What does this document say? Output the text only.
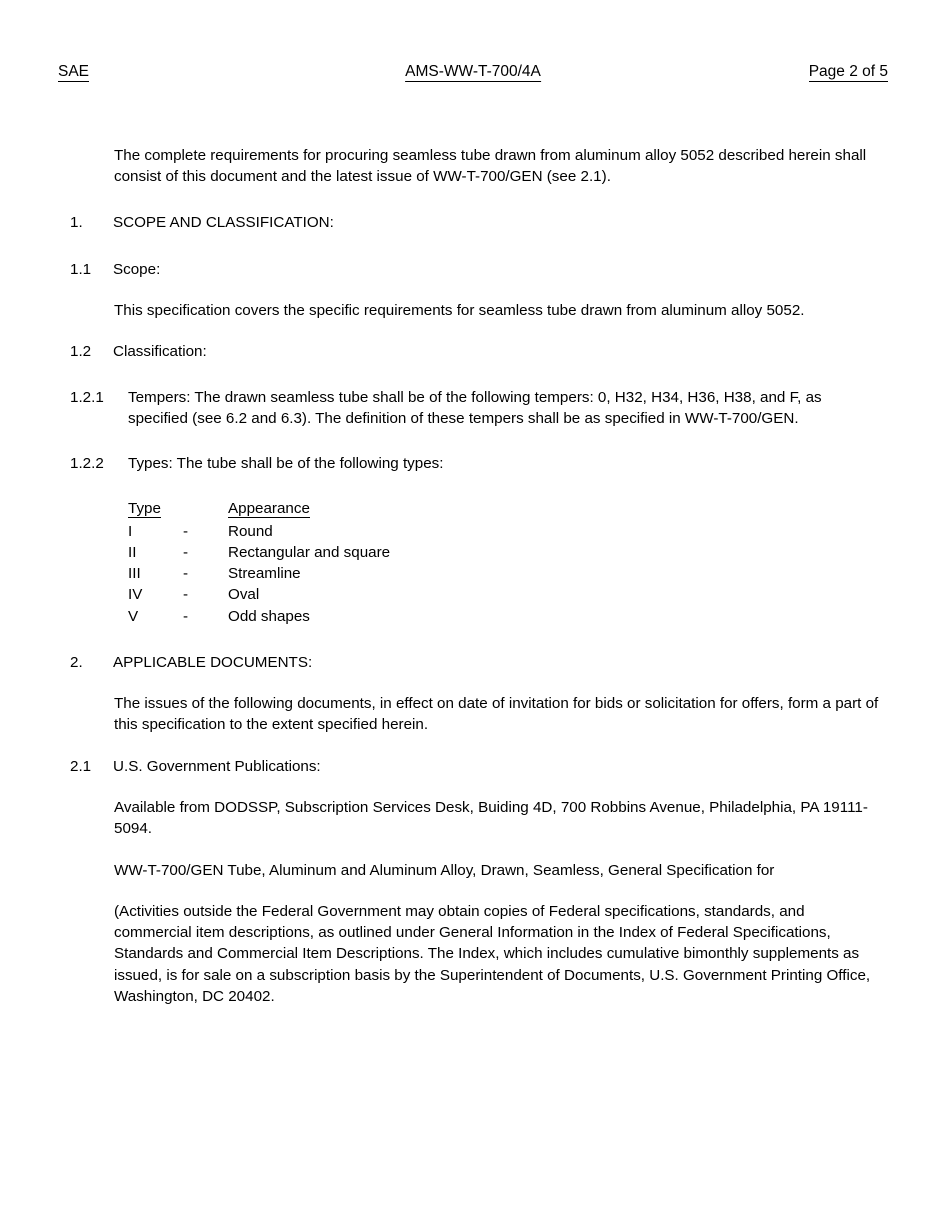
SAE	AMS-WW-T-700/4A	Page 2 of 5
The complete requirements for procuring seamless tube drawn from aluminum alloy 5052 described herein shall consist of this document and the latest issue of WW-T-700/GEN (see 2.1).
1.	SCOPE AND CLASSIFICATION:
1.1	Scope:
This specification covers the specific requirements for seamless tube drawn from aluminum alloy 5052.
1.2	Classification:
1.2.1	Tempers: The drawn seamless tube shall be of the following tempers: 0, H32, H34, H36, H38, and F, as specified (see 6.2 and 6.3). The definition of these tempers shall be as specified in WW-T-700/GEN.
1.2.2	Types: The tube shall be of the following types:
Type		Appearance
I	-	Round
II	-	Rectangular and square
III	-	Streamline
IV	-	Oval
V	-	Odd shapes
2.	APPLICABLE DOCUMENTS:
The issues of the following documents, in effect on date of invitation for bids or solicitation for offers, form a part of this specification to the extent specified herein.
2.1	U.S. Government Publications:
Available from DODSSP, Subscription Services Desk, Buiding 4D, 700 Robbins Avenue, Philadelphia, PA 19111-5094.
WW-T-700/GEN Tube, Aluminum and Aluminum Alloy, Drawn, Seamless, General Specification for
(Activities outside the Federal Government may obtain copies of Federal specifications, standards, and commercial item descriptions, as outlined under General Information in the Index of Federal Specifications, Standards and Commercial Item Descriptions. The Index, which includes cumulative bimonthly supplements as issued, is for sale on a subscription basis by the Superintendent of Documents, U.S. Government Printing Office, Washington, DC 20402.
